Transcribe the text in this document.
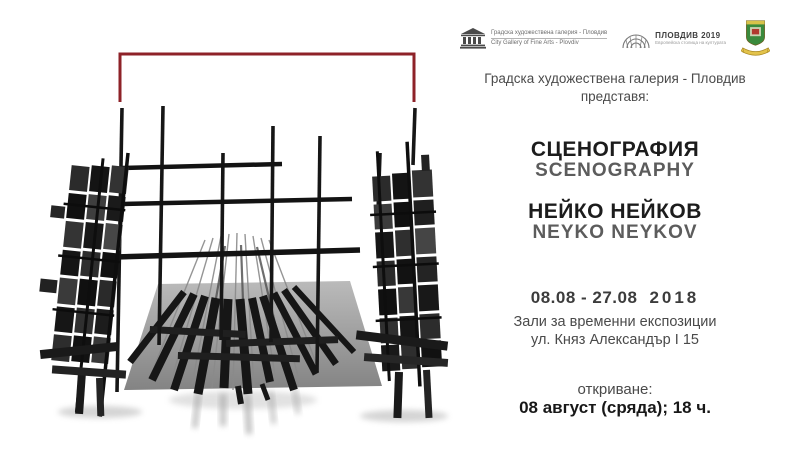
Градска художествена галерия - Пловдив
City Gallery of Fine Arts - Plovdiv
ПЛОВДИВ 2019
Европейска столица на културата
Градска художествена галерия - Пловдив
представя:
СЦЕНОГРАФИЯ
SCENOGRAPHY
НЕЙКО НЕЙКОВ
NEYKO NEYKOV
08.08 - 27.08 2018
Зали за временни експозиции
ул. Княз Александър I 15
откриване:
08 август (сряда); 18 ч.
